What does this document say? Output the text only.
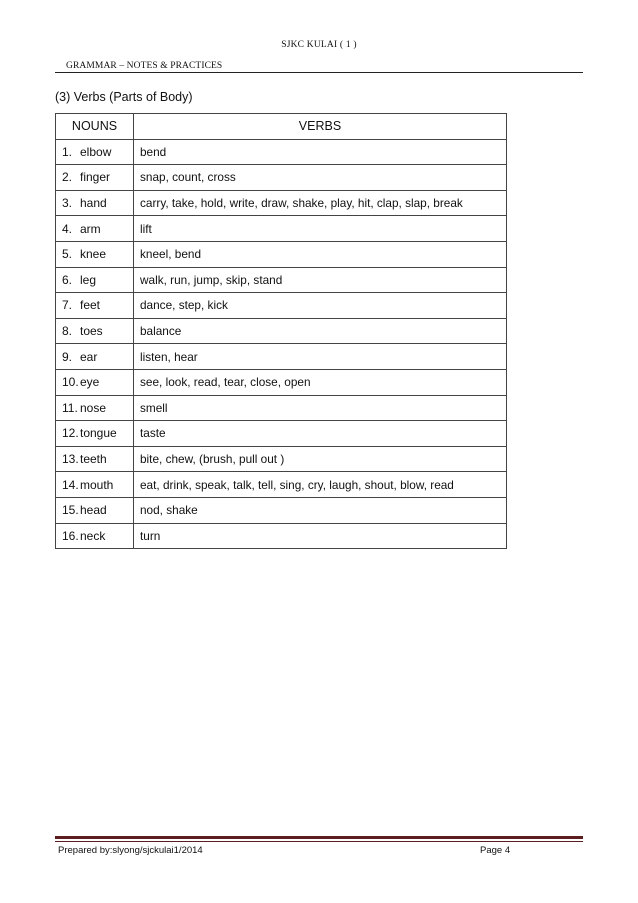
SJKC KULAI ( 1 )
GRAMMAR – NOTES & PRACTICES
(3) Verbs (Parts of Body)
NOUNS	VERBS
1. elbow	bend
2. finger	snap, count, cross
3. hand	carry, take, hold, write, draw, shake, play, hit, clap, slap, break
4. arm	lift
5. knee	kneel, bend
6. leg	walk, run, jump, skip, stand
7. feet	dance, step, kick
8. toes	balance
9. ear	listen, hear
10.eye	see, look, read, tear, close, open
11. nose	smell
12.tongue	taste
13.teeth	bite, chew, (brush, pull out )
14.mouth	eat, drink, speak, talk, tell, sing, cry, laugh, shout, blow, read
15.head	nod, shake
16.neck	turn
Prepared by:slyong/sjckulai1/2014	Page 4
